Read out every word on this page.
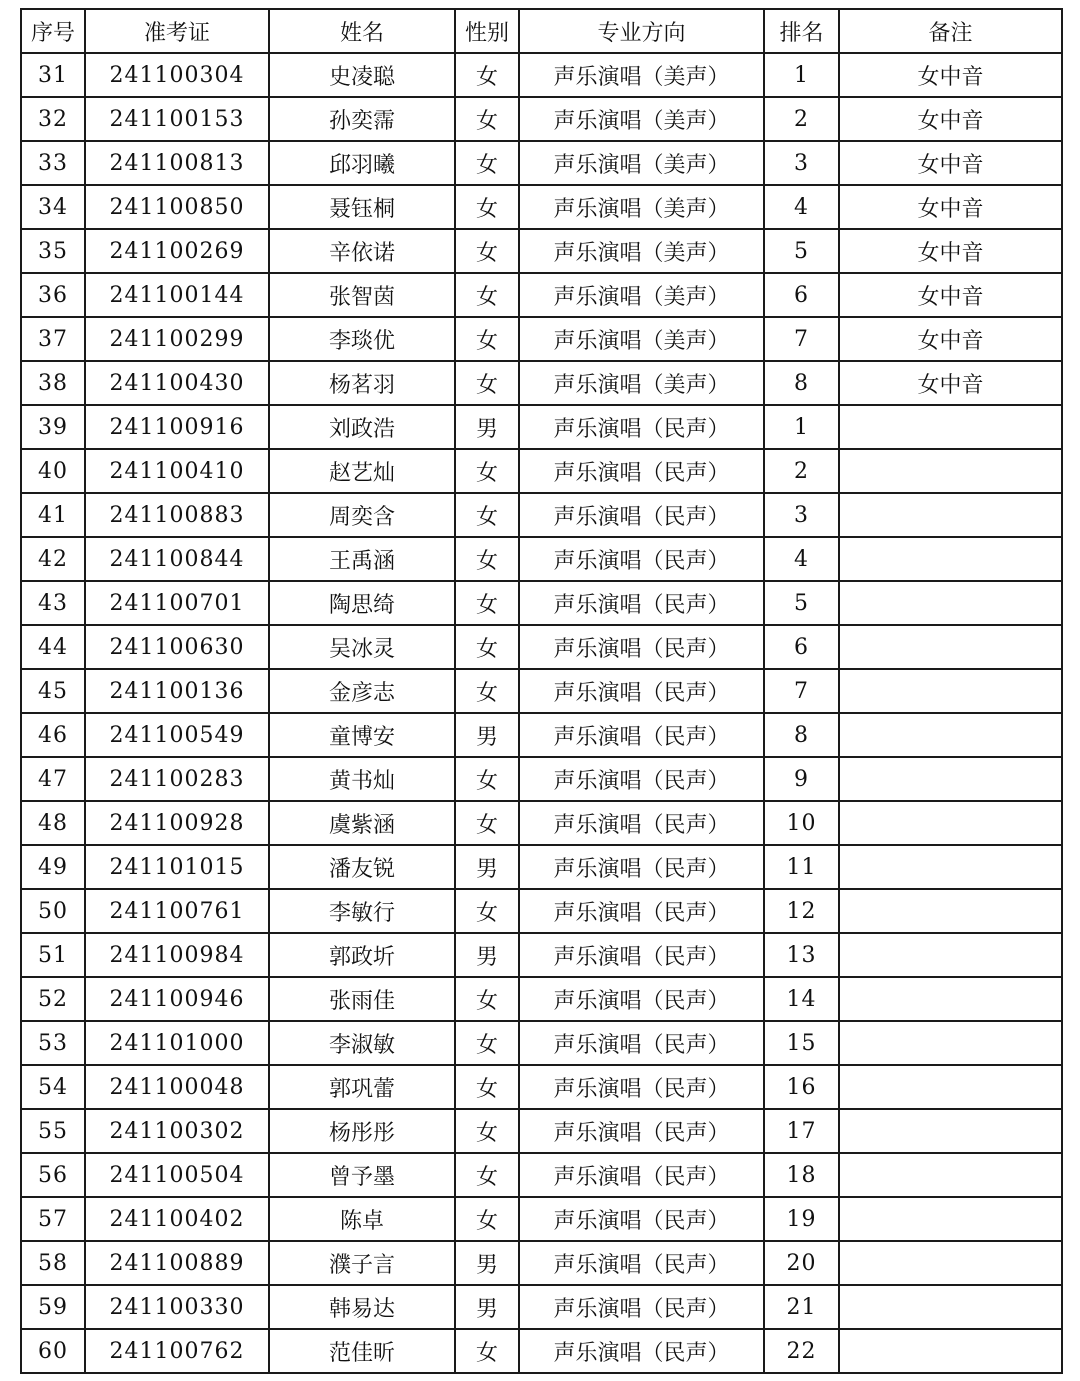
序号	准考证	姓名	性别	专业方向	排名	备注
31	241100304	史凌聪	女	声乐演唱（美声）	1	女中音
32	241100153	孙奕霈	女	声乐演唱（美声）	2	女中音
33	241100813	邱羽曦	女	声乐演唱（美声）	3	女中音
34	241100850	聂钰桐	女	声乐演唱（美声）	4	女中音
35	241100269	辛依诺	女	声乐演唱（美声）	5	女中音
36	241100144	张智茵	女	声乐演唱（美声）	6	女中音
37	241100299	李琰优	女	声乐演唱（美声）	7	女中音
38	241100430	杨茗羽	女	声乐演唱（美声）	8	女中音
39	241100916	刘政浩	男	声乐演唱（民声）	1	
40	241100410	赵艺灿	女	声乐演唱（民声）	2	
41	241100883	周奕含	女	声乐演唱（民声）	3	
42	241100844	王禹涵	女	声乐演唱（民声）	4	
43	241100701	陶思绮	女	声乐演唱（民声）	5	
44	241100630	吴冰灵	女	声乐演唱（民声）	6	
45	241100136	金彦志	女	声乐演唱（民声）	7	
46	241100549	童博安	男	声乐演唱（民声）	8	
47	241100283	黄书灿	女	声乐演唱（民声）	9	
48	241100928	虞紫涵	女	声乐演唱（民声）	10	
49	241101015	潘友锐	男	声乐演唱（民声）	11	
50	241100761	李敏行	女	声乐演唱（民声）	12	
51	241100984	郭政圻	男	声乐演唱（民声）	13	
52	241100946	张雨佳	女	声乐演唱（民声）	14	
53	241101000	李淑敏	女	声乐演唱（民声）	15	
54	241100048	郭巩蕾	女	声乐演唱（民声）	16	
55	241100302	杨彤彤	女	声乐演唱（民声）	17	
56	241100504	曾予墨	女	声乐演唱（民声）	18	
57	241100402	陈卓	女	声乐演唱（民声）	19	
58	241100889	濮子言	男	声乐演唱（民声）	20	
59	241100330	韩易达	男	声乐演唱（民声）	21	
60	241100762	范佳昕	女	声乐演唱（民声）	22	
